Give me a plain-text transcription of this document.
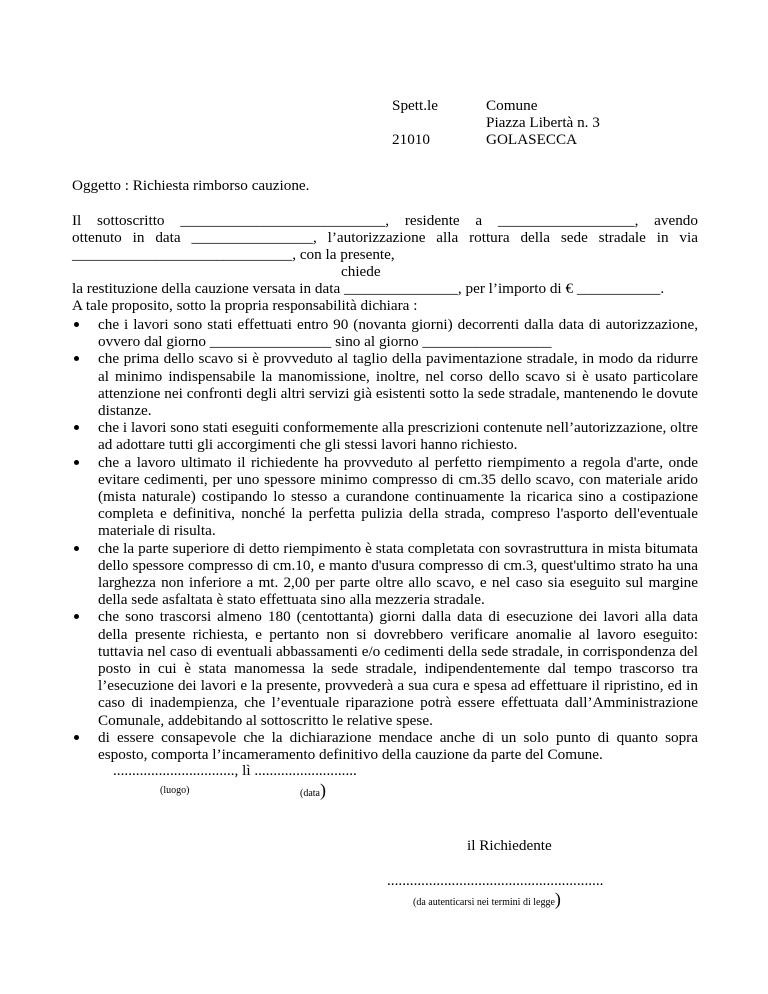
Spett.le
21010
Comune
Piazza Libertà n. 3
GOLASECCA
Oggetto : Richiesta rimborso cauzione.
Il sottoscritto ___________________________, residente a __________________, avendo
ottenuto in data ________________, l’autorizzazione alla rottura della sede stradale in via
_____________________________, con la presente,
chiede
la restituzione della cauzione versata in data _______________, per l’importo di € ___________.
A tale proposito, sotto la propria responsabilità dichiara :
che i lavori sono stati effettuati entro 90 (novanta giorni) decorrenti dalla data di autorizzazione, ovvero dal giorno ________________ sino al giorno _________________
che prima dello scavo si è provveduto al taglio della pavimentazione stradale, in modo da ridurre al minimo indispensabile la manomissione, inoltre, nel corso dello scavo si è usato particolare attenzione nei confronti degli altri servizi già esistenti sotto la sede stradale, mantenendo le dovute distanze.
che i lavori sono stati eseguiti conformemente alla prescrizioni contenute nell’autorizzazione, oltre ad adottare tutti gli accorgimenti che gli stessi lavori hanno richiesto.
che a lavoro ultimato il richiedente ha provveduto al perfetto riempimento a regola d'arte, onde evitare cedimenti, per uno spessore minimo compresso di cm.35 dello scavo, con materiale arido (mista naturale) costipando lo stesso a curandone continuamente la ricarica sino a costipazione completa e definitiva, nonché la perfetta pulizia della strada, compreso l'asporto dell'eventuale materiale di risulta.
che la parte superiore di detto riempimento è stata completata con sovrastruttura in mista bitumata dello spessore compresso di cm.10, e manto d'usura compresso di cm.3, quest'ultimo strato ha una larghezza non inferiore a mt. 2,00 per parte oltre allo scavo, e nel caso sia eseguito sul margine della sede asfaltata è stato effettuata sino alla mezzeria stradale.
che sono trascorsi almeno 180 (centottanta) giorni dalla data di esecuzione dei lavori alla data della presente richiesta, e pertanto non si dovrebbero verificare anomalie al lavoro eseguito: tuttavia nel caso di eventuali abbassamenti e/o cedimenti della sede stradale, in corrispondenza del posto in cui è stata manomessa la sede stradale, indipendentemente dal tempo trascorso tra l’esecuzione dei lavori e la presente, provvederà a sua cura e spesa ad effettuare il ripristino, ed in caso di inadempienza, che l’eventuale riparazione potrà essere effettuata dall’Amministrazione Comunale, addebitando al sottoscritto le relative spese.
di essere consapevole che la dichiarazione mendace anche di un solo punto di quanto sopra esposto, comporta l’incameramento definitivo della cauzione da parte del Comune.
................................, lì ...........................
(luogo)	(data)
il Richiedente
.........................................................
(da autenticarsi nei termini di legge)
